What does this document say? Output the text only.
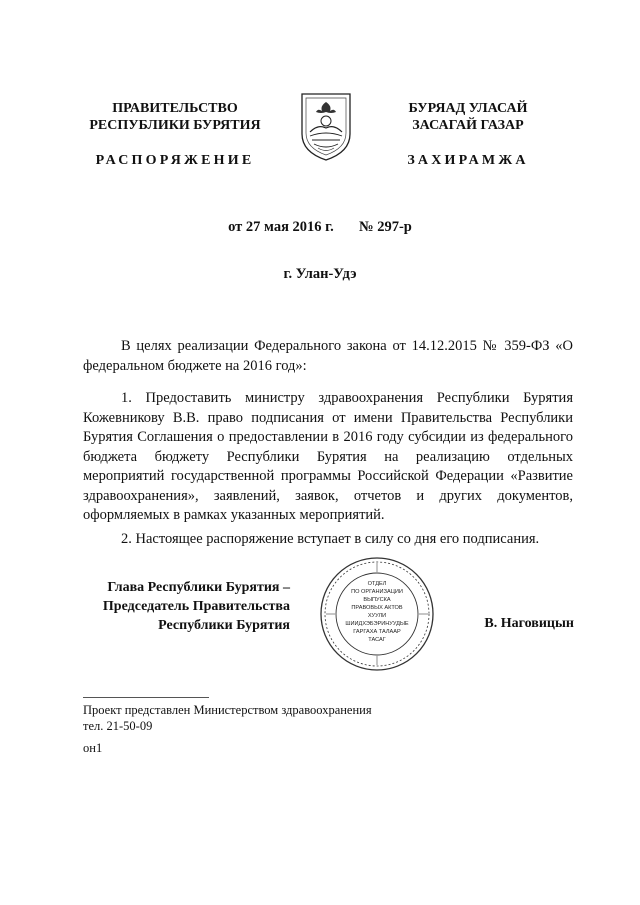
ПРАВИТЕЛЬСТВО
РЕСПУБЛИКИ БУРЯТИЯ
БУРЯАД УЛАСАЙ
ЗАСАГАЙ ГАЗАР
РАСПОРЯЖЕНИЕ	ЗАХИРАМЖА
от 27 мая 2016 г. № 297-р
г. Улан-Удэ
В целях реализации Федерального закона от 14.12.2015 № 359-ФЗ «О федеральном бюджете на 2016 год»:
1. Предоставить министру здравоохранения Республики Бурятия Кожевникову В.В. право подписания от имени Правительства Республики Бурятия Соглашения о предоставлении в 2016 году субсидии из федерального бюджета бюджету Республики Бурятия на реализацию отдельных мероприятий государственной программы Российской Федерации «Развитие здравоохранения», заявлений, заявок, отчетов и других документов, оформляемых в рамках указанных мероприятий.
2. Настоящее распоряжение вступает в силу со дня его подписания.
Глава Республики Бурятия –
Председатель Правительства
Республики Бурятия
ОТДЕЛ
ПО ОРГАНИЗАЦИИ
ВЫПУСКА
ПРАВОВЫХ АКТОВ
ХУУЛИ
ШИИДХЭБЭРИНУУДЫЕ
ГАРГАХА ТАЛААР
ТАСАГ
В. Наговицын
Проект представлен Министерством здравоохранения
тел. 21-50-09
он1
